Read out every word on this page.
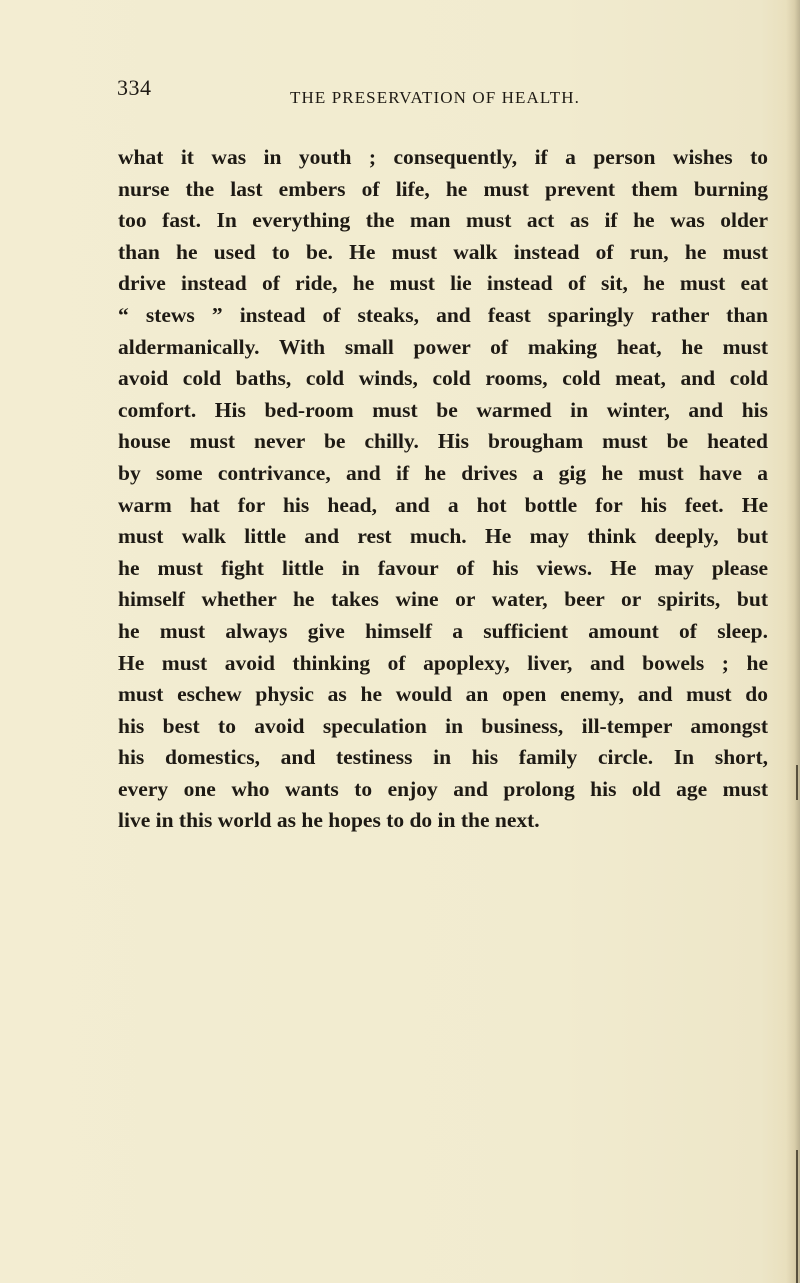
334	THE PRESERVATION OF HEALTH.
what it was in youth ; consequently, if a person wishes to
nurse the last embers of life, he must prevent them burning
too fast. In everything the man must act as if he was older
than he used to be. He must walk instead of run, he must
drive instead of ride, he must lie instead of sit, he must eat
“ stews ” instead of steaks, and feast sparingly rather than
aldermanically. With small power of making heat, he must
avoid cold baths, cold winds, cold rooms, cold meat, and cold
comfort. His bed-room must be warmed in winter, and his
house must never be chilly. His brougham must be heated
by some contrivance, and if he drives a gig he must have a
warm hat for his head, and a hot bottle for his feet. He
must walk little and rest much. He may think deeply, but
he must fight little in favour of his views. He may please
himself whether he takes wine or water, beer or spirits, but
he must always give himself a sufficient amount of sleep.
He must avoid thinking of apoplexy, liver, and bowels ; he
must eschew physic as he would an open enemy, and must do
his best to avoid speculation in business, ill-temper amongst
his domestics, and testiness in his family circle. In short,
every one who wants to enjoy and prolong his old age must
live in this world as he hopes to do in the next.
